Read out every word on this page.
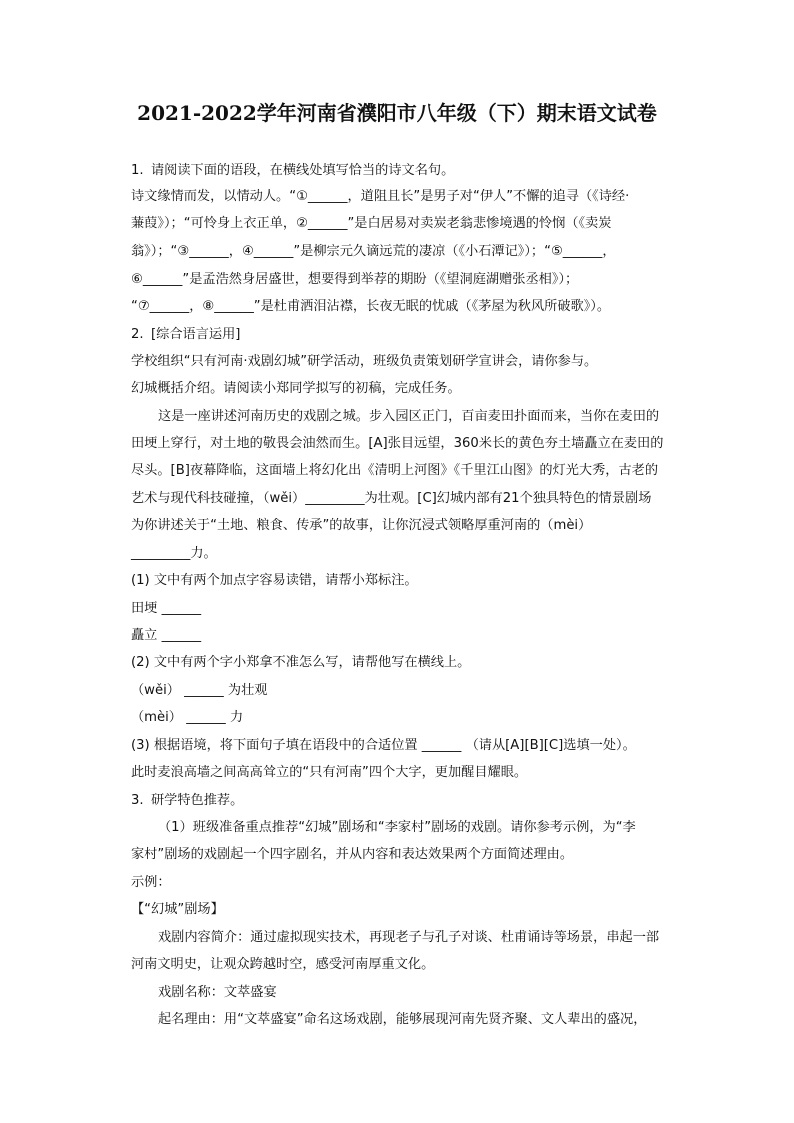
2021-2022学年河南省濮阳市八年级（下）期末语文试卷
1. 请阅读下面的语段，在横线处填写恰当的诗文名句。
诗文缘情而发，以情动人。“①______，道阻且长”是男子对“伊人”不懈的追寻（《诗经·
蒹葭》）；“可怜身上衣正单，②______”是白居易对卖炭老翁悲惨境遇的怜悯（《卖炭
翁》）；“③______，④______”是柳宗元久谪远荒的凄凉（《小石潭记》）；“⑤______，
⑥______”是孟浩然身居盛世，想要得到举荐的期盼（《望洞庭湖赠张丞相》）；
“⑦______，⑧______”是杜甫洒泪沾襟，长夜无眠的忧戚（《茅屋为秋风所破歌》）。
2. [综合语言运用]
学校组织“只有河南·戏剧幻城”研学活动，班级负责策划研学宣讲会，请你参与。
幻城概括介绍。请阅读小郑同学拟写的初稿，完成任务。
这是一座讲述河南历史的戏剧之城。步入园区正门，百亩麦田扑面而来，当你在麦田的
田埂上穿行，对土地的敬畏会油然而生。[A]张目远望，360米长的黄色夯土墙矗立在麦田的
尽头。[B]夜幕降临，这面墙上将幻化出《清明上河图》《千里江山图》的灯光大秀，古老的
艺术与现代科技碰撞，（wěi）_________为壮观。[C]幻城内部有21个独具特色的情景剧场
为你讲述关于“土地、粮食、传承”的故事，让你沉浸式领略厚重河南的（mèi）
_________力。
(1) 文中有两个加点字容易读错，请帮小郑标注。
田埂 ______
矗立 ______
(2) 文中有两个字小郑拿不准怎么写，请帮他写在横线上。
（wěi） ______ 为壮观
（mèi） ______ 力
(3) 根据语境，将下面句子填在语段中的合适位置 ______ （请从[A][B][C]选填一处）。
此时麦浪高墙之间高高耸立的“只有河南”四个大字，更加醒目耀眼。
3. 研学特色推荐。
（1）班级准备重点推荐“幻城”剧场和“李家村”剧场的戏剧。请你参考示例，为“李
家村”剧场的戏剧起一个四字剧名，并从内容和表达效果两个方面简述理由。
示例：
【“幻城”剧场】
戏剧内容简介：通过虚拟现实技术，再现老子与孔子对谈、杜甫诵诗等场景，串起一部
河南文明史，让观众跨越时空，感受河南厚重文化。
戏剧名称：文萃盛宴
起名理由：用“文萃盛宴”命名这场戏剧，能够展现河南先贤齐聚、文人辈出的盛况，
